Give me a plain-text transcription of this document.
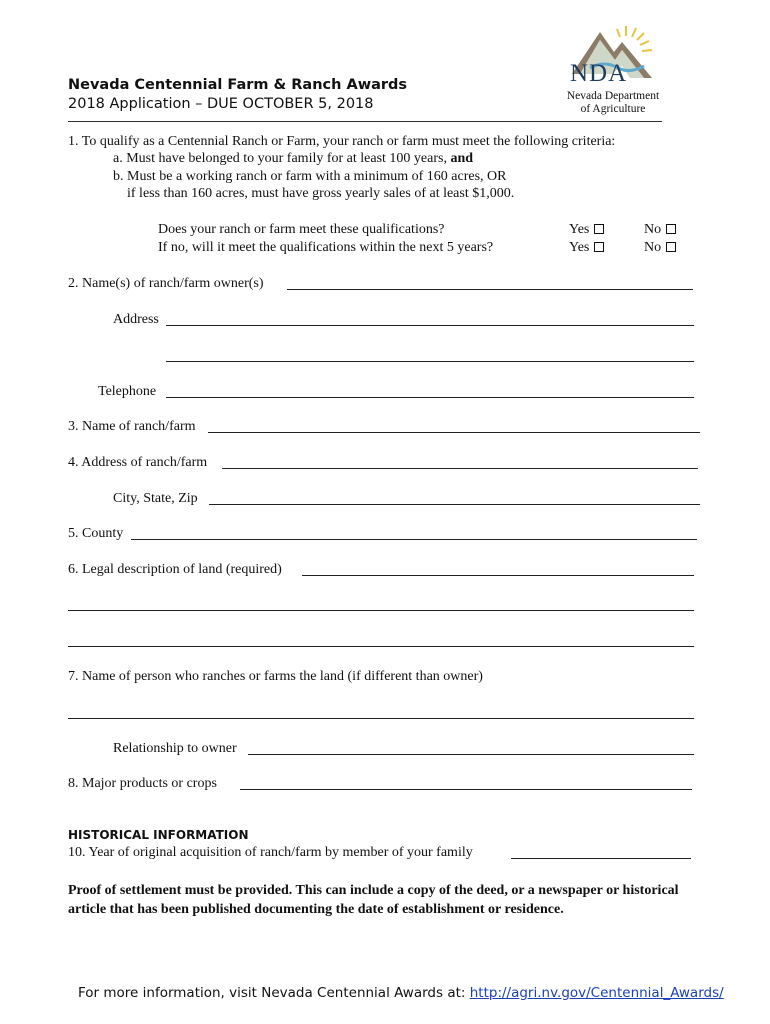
Nevada Centennial Farm & Ranch Awards
2018 Application – DUE OCTOBER 5, 2018
NDA
Nevada Department
of Agriculture
1. To qualify as a Centennial Ranch or Farm, your ranch or farm must meet the following criteria:
a. Must have belonged to your family for at least 100 years, and
b. Must be a working ranch or farm with a minimum of 160 acres, OR
if less than 160 acres, must have gross yearly sales of at least $1,000.
Does your ranch or farm meet these qualifications?
If no, will it meet the qualifications within the next 5 years?
Yes	No
Yes	No
2. Name(s) of ranch/farm owner(s)
Address
Telephone
3. Name of ranch/farm
4. Address of ranch/farm
City, State, Zip
5. County
6. Legal description of land (required)
7. Name of person who ranches or farms the land (if different than owner)
Relationship to owner
8. Major products or crops
HISTORICAL INFORMATION
10. Year of original acquisition of ranch/farm by member of your family
Proof of settlement must be provided. This can include a copy of the deed, or a newspaper or historical article that has been published documenting the date of establishment or residence.
For more information, visit Nevada Centennial Awards at: http://agri.nv.gov/Centennial_Awards/
